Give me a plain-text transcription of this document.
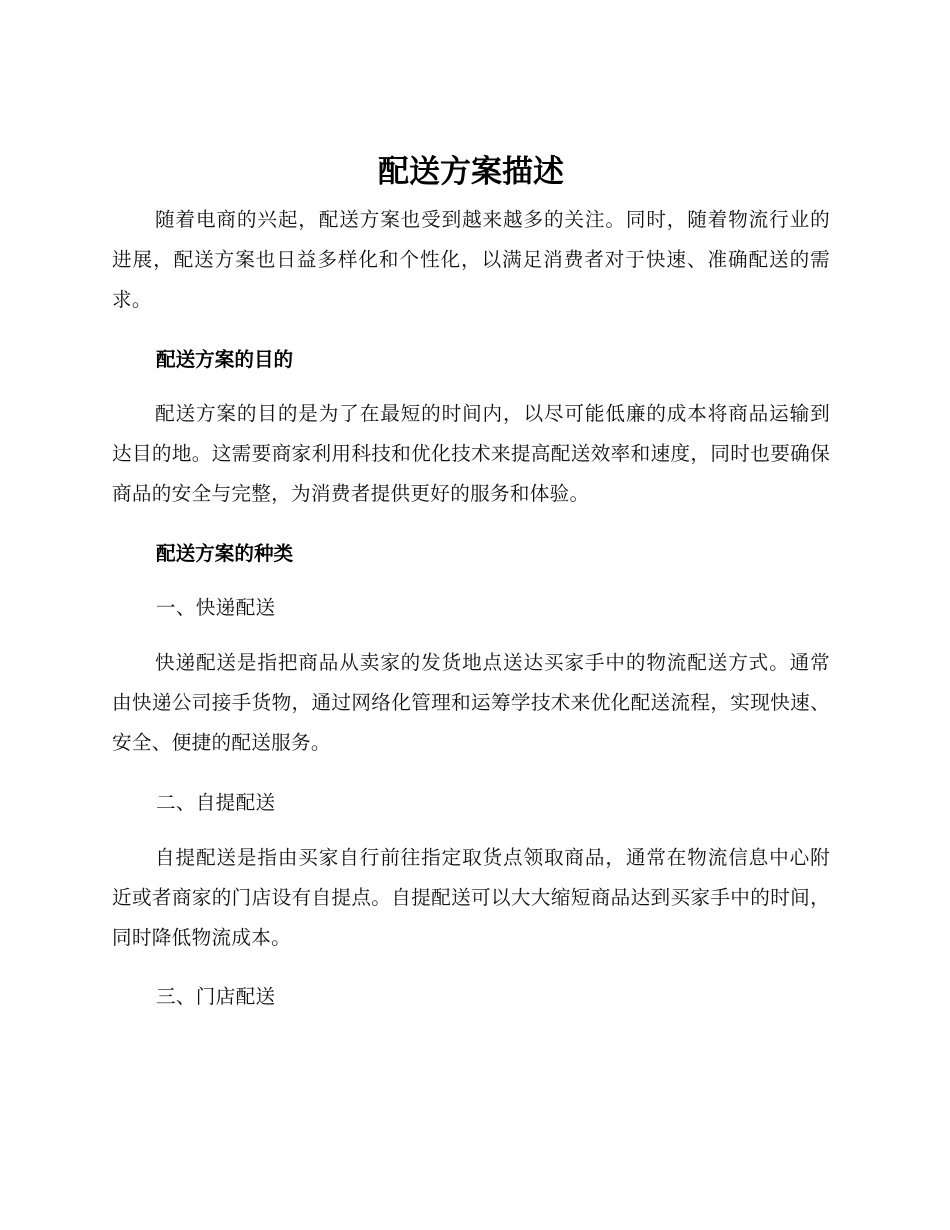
配送方案描述

随着电商的兴起，配送方案也受到越来越多的关注。同时，随着物流行业的进展，配送方案也日益多样化和个性化，以满足消费者对于快速、准确配送的需求。

配送方案的目的

配送方案的目的是为了在最短的时间内，以尽可能低廉的成本将商品运输到达目的地。这需要商家利用科技和优化技术来提高配送效率和速度，同时也要确保商品的安全与完整，为消费者提供更好的服务和体验。

配送方案的种类

一、快递配送

快递配送是指把商品从卖家的发货地点送达买家手中的物流配送方式。通常由快递公司接手货物，通过网络化管理和运筹学技术来优化配送流程，实现快速、安全、便捷的配送服务。

二、自提配送

自提配送是指由买家自行前往指定取货点领取商品，通常在物流信息中心附近或者商家的门店设有自提点。自提配送可以大大缩短商品达到买家手中的时间，同时降低物流成本。

三、门店配送
